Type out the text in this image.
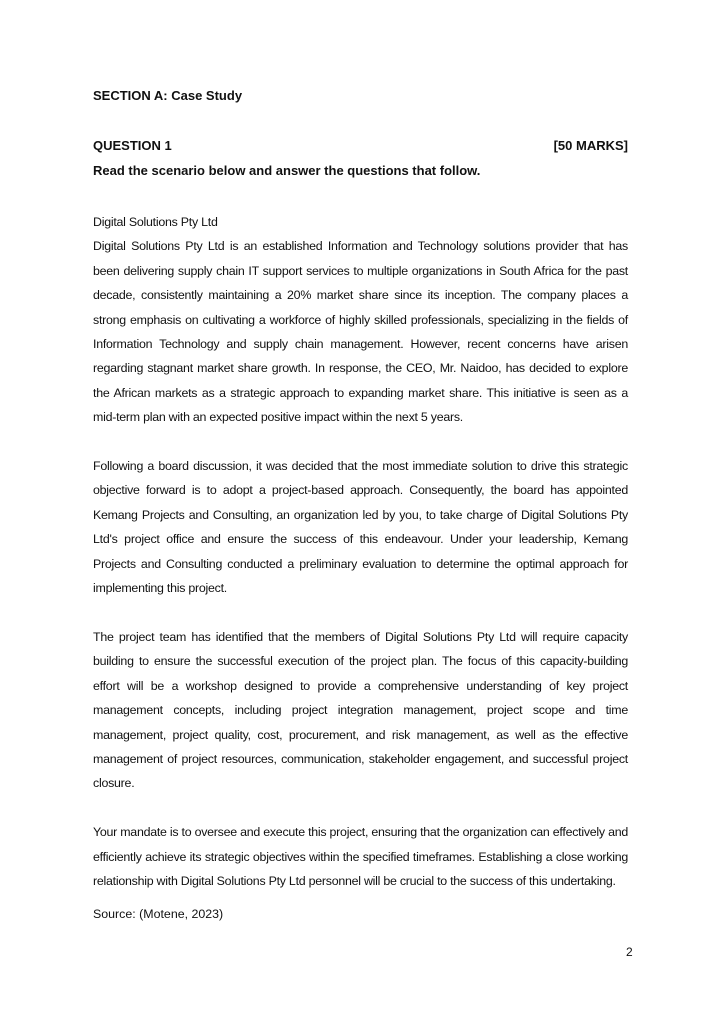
SECTION A: Case Study
QUESTION 1	[50 MARKS]
Read the scenario below and answer the questions that follow.

Digital Solutions Pty Ltd

Digital Solutions Pty Ltd is an established Information and Technology solutions provider that has been delivering supply chain IT support services to multiple organizations in South Africa for the past decade, consistently maintaining a 20% market share since its inception. The company places a strong emphasis on cultivating a workforce of highly skilled professionals, specializing in the fields of Information Technology and supply chain management. However, recent concerns have arisen regarding stagnant market share growth. In response, the CEO, Mr. Naidoo, has decided to explore the African markets as a strategic approach to expanding market share. This initiative is seen as a mid-term plan with an expected positive impact within the next 5 years.

Following a board discussion, it was decided that the most immediate solution to drive this strategic objective forward is to adopt a project-based approach. Consequently, the board has appointed Kemang Projects and Consulting, an organization led by you, to take charge of Digital Solutions Pty Ltd's project office and ensure the success of this endeavour. Under your leadership, Kemang Projects and Consulting conducted a preliminary evaluation to determine the optimal approach for implementing this project.

The project team has identified that the members of Digital Solutions Pty Ltd will require capacity building to ensure the successful execution of the project plan. The focus of this capacity-building effort will be a workshop designed to provide a comprehensive understanding of key project management concepts, including project integration management, project scope and time management, project quality, cost, procurement, and risk management, as well as the effective management of project resources, communication, stakeholder engagement, and successful project closure.

Your mandate is to oversee and execute this project, ensuring that the organization can effectively and efficiently achieve its strategic objectives within the specified timeframes. Establishing a close working relationship with Digital Solutions Pty Ltd personnel will be crucial to the success of this undertaking.

Source: (Motene, 2023)
2
